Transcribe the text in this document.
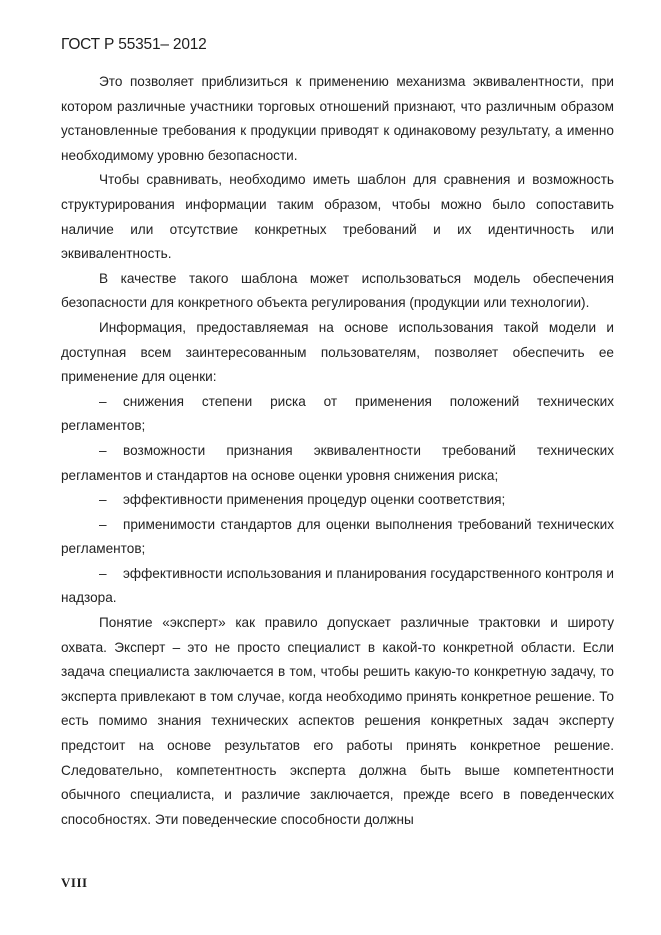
ГОСТ Р 55351– 2012

Это позволяет приблизиться к применению механизма эквивалентности, при котором различные участники торговых отношений признают, что различным образом установленные требования к продукции приводят к одинаковому результату, а именно необходимому уровню безопасности.

Чтобы сравнивать, необходимо иметь шаблон для сравнения и возможность структурирования информации таким образом, чтобы можно было сопоставить наличие или отсутствие конкретных требований и их идентичность или эквивалентность.

В качестве такого шаблона может использоваться модель обеспечения безопасности для конкретного объекта регулирования (продукции или технологии).

Информация, предоставляемая на основе использования такой модели и доступная всем заинтересованным пользователям, позволяет обеспечить ее применение для оценки:

– снижения степени риска от применения положений технических регламентов;

– возможности признания эквивалентности требований технических регламентов и стандартов на основе оценки уровня снижения риска;

– эффективности применения процедур оценки соответствия;

– применимости стандартов для оценки выполнения требований технических регламентов;

– эффективности использования и планирования государственного контроля и надзора.

Понятие «эксперт» как правило допускает различные трактовки и широту охвата. Эксперт – это не просто специалист в какой-то конкретной области. Если задача специалиста заключается в том, чтобы решить какую-то конкретную задачу, то эксперта привлекают в том случае, когда необходимо принять конкретное решение. То есть помимо знания технических аспектов решения конкретных задач эксперту предстоит на основе результатов его работы принять конкретное решение. Следовательно, компетентность эксперта должна быть выше компетентности обычного специалиста, и различие заключается, прежде всего в поведенческих способностях. Эти поведенческие способности должны

VIII
